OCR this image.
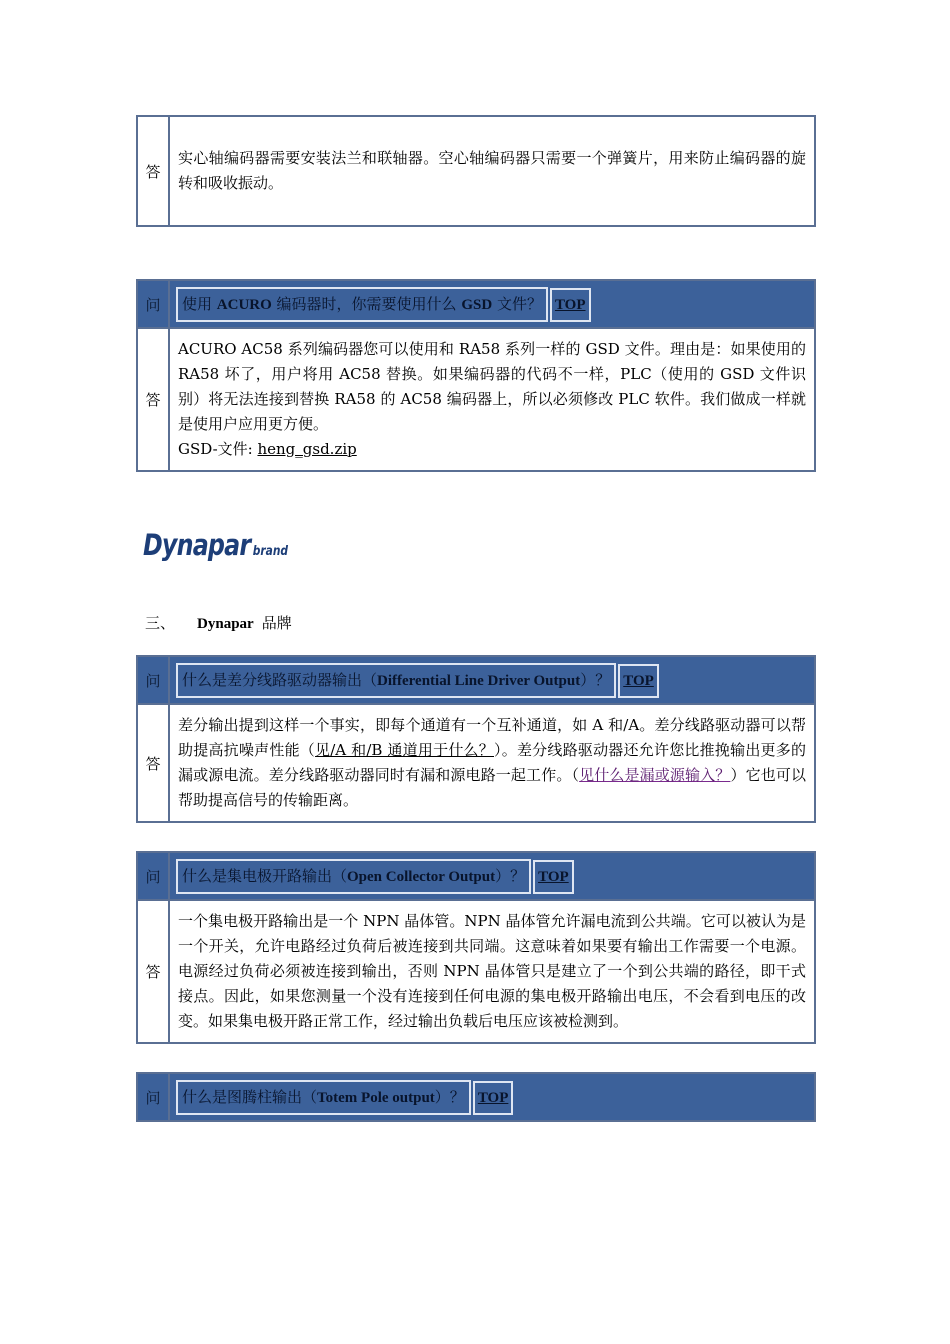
答	实心轴编码器需要安装法兰和联轴器。空心轴编码器只需要一个弹簧片，用来防止编码器的旋转和吸收振动。
问	使用 ACURO 编码器时，你需要使用什么 GSD 文件？ TOP
答	ACURO AC58 系列编码器您可以使用和 RA58 系列一样的 GSD 文件。理由是：如果使用的 RA58 坏了，用户将用 AC58 替换。如果编码器的代码不一样，PLC（使用的 GSD 文件识别）将无法连接到替换 RA58 的 AC58 编码器上，所以必须修改 PLC 软件。我们做成一样就是使用户应用更方便。
GSD-文件: heng_gsd.zip
Dynapar brand
三、 Dynapar 品牌
问	什么是差分线路驱动器输出（Differential Line Driver Output）？ TOP
答	差分输出提到这样一个事实，即每个通道有一个互补通道，如 A 和/A。差分线路驱动器可以帮助提高抗噪声性能（见/A 和/B 通道用于什么？）。差分线路驱动器还允许您比推挽输出更多的漏或源电流。差分线路驱动器同时有漏和源电路一起工作。（见什么是漏或源输入？）它也可以帮助提高信号的传输距离。
问	什么是集电极开路输出（Open Collector Output）？ TOP
答	一个集电极开路输出是一个 NPN 晶体管。NPN 晶体管允许漏电流到公共端。它可以被认为是一个开关，允许电路经过负荷后被连接到共同端。这意味着如果要有输出工作需要一个电源。 电源经过负荷必须被连接到输出，否则 NPN 晶体管只是建立了一个到公共端的路径，即干式接点。因此，如果您测量一个没有连接到任何电源的集电极开路输出电压，不会看到电压的改变。如果集电极开路正常工作，经过输出负载后电压应该被检测到。
问	什么是图腾柱输出（Totem Pole output）？ TOP
